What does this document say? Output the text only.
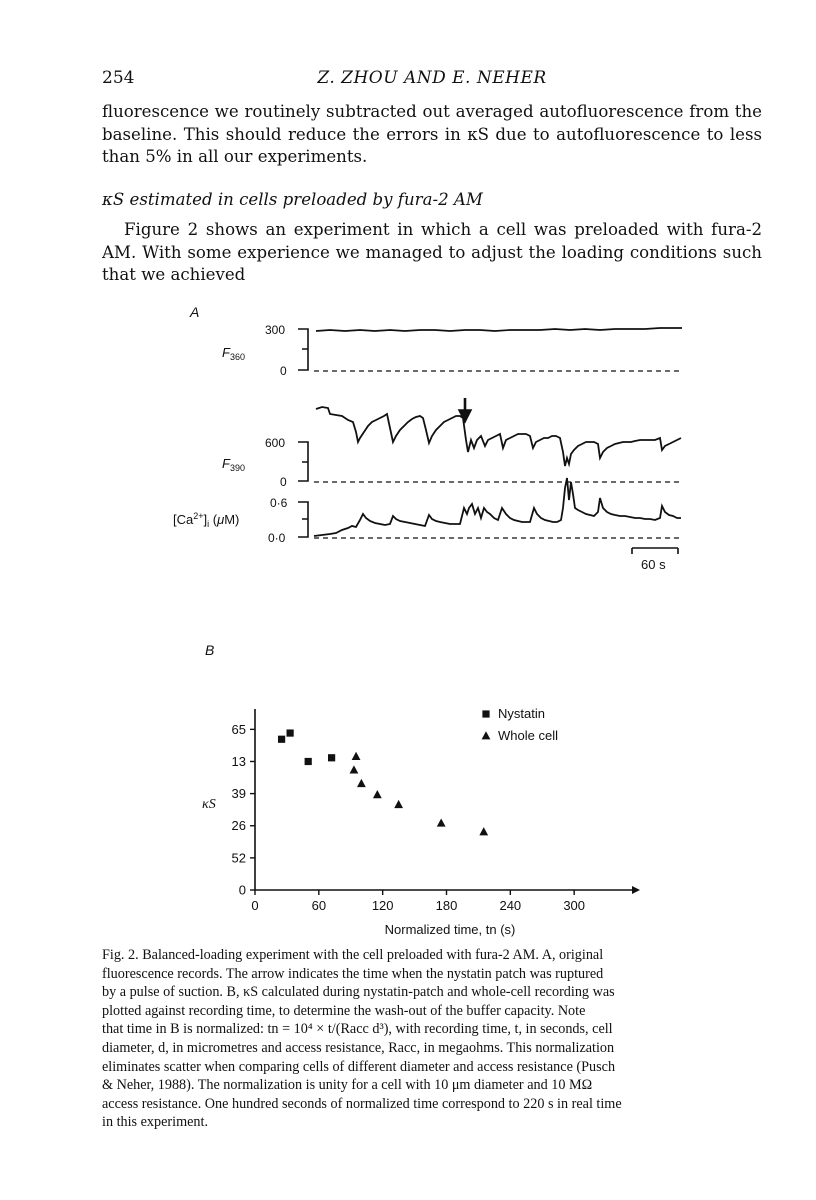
254	Z. ZHOU AND E. NEHER
fluorescence we routinely subtracted out averaged autofluorescence from the baseline. This should reduce the errors in κS due to autofluorescence to less than 5% in all our experiments.
κS estimated in cells preloaded by fura-2 AM
Figure 2 shows an experiment in which a cell was preloaded with fura-2 AM. With some experience we managed to adjust the loading conditions such that we achieved
A
300
0
$F_{360}$
600
0
$F_{390}$
0·6
0·0
$[Ca^{2+}]_i$ (μM)
60 s
B
0	60	120	180	240	300
0
52
26
39
13
65
Normalized time, tn (s)
κS
Nystatin
Whole cell
Fig. 2. Balanced-loading experiment with the cell preloaded with fura-2 AM. A, original
fluorescence records. The arrow indicates the time when the nystatin patch was ruptured
by a pulse of suction. B, κS calculated during nystatin-patch and whole-cell recording was
plotted against recording time, to determine the wash-out of the buffer capacity. Note
that time in B is normalized: tn = 10⁴ × t/(Racc d³), with recording time, t, in seconds, cell
diameter, d, in micrometres and access resistance, Racc, in megaohms. This normalization
eliminates scatter when comparing cells of different diameter and access resistance (Pusch
& Neher, 1988). The normalization is unity for a cell with 10 μm diameter and 10 MΩ
access resistance. One hundred seconds of normalized time correspond to 220 s in real time
in this experiment.
